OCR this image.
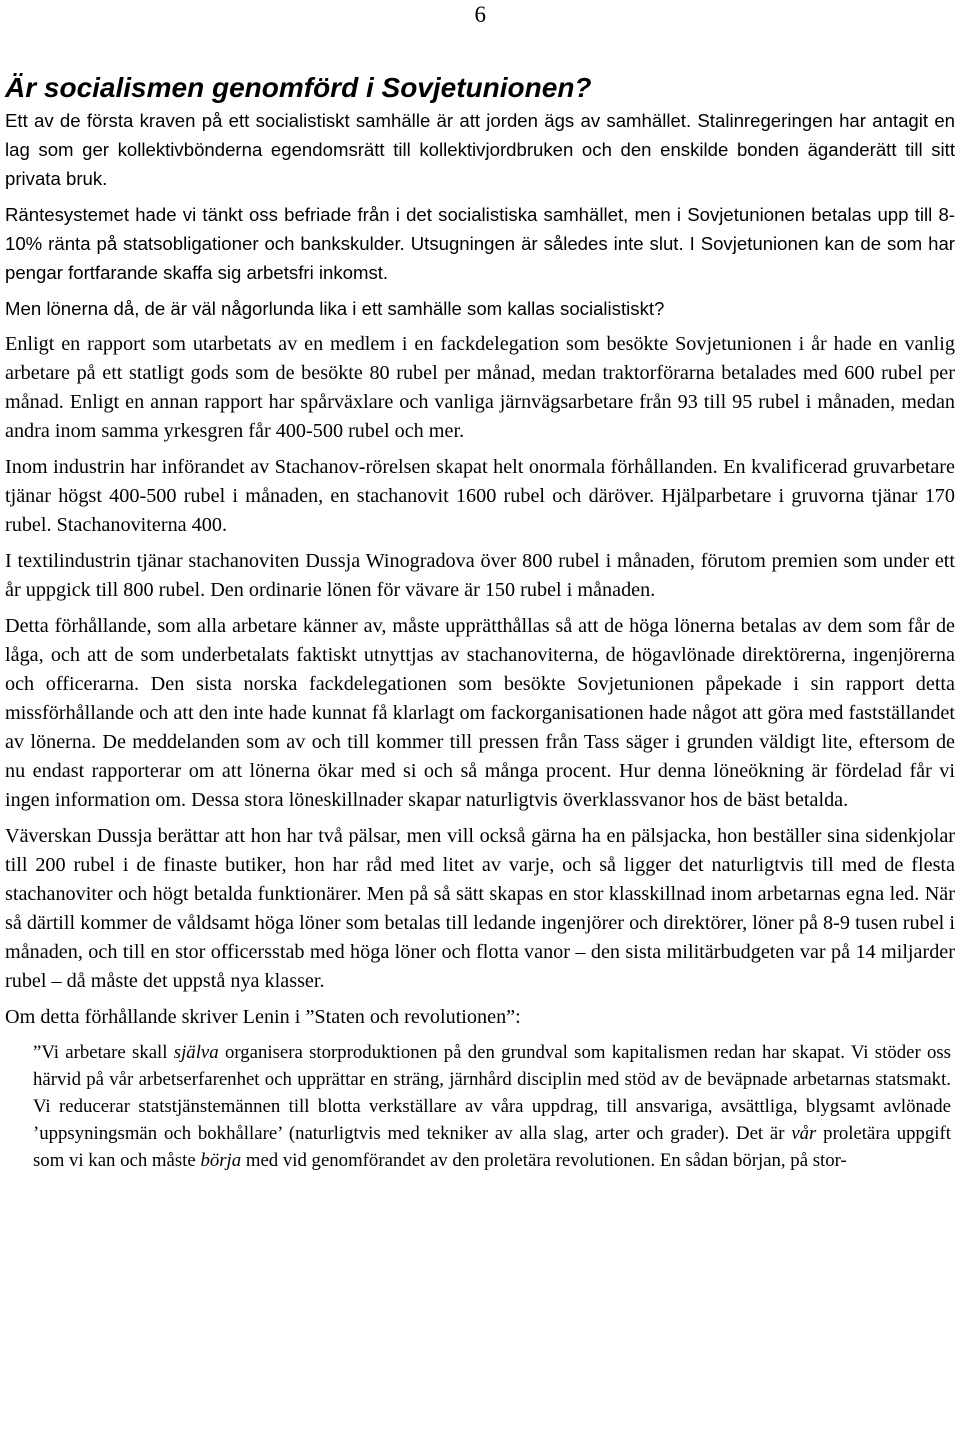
6
Är socialismen genomförd i Sovjetunionen?

Ett av de första kraven på ett socialistiskt samhälle är att jorden ägs av samhället. Stalinregeringen har antagit en lag som ger kollektivbönderna egendomsrätt till kollektivjordbruken och den enskilde bonden äganderätt till sitt privata bruk.

Räntesystemet hade vi tänkt oss befriade från i det socialistiska samhället, men i Sovjetunionen betalas upp till 8-10% ränta på statsobligationer och bankskulder. Utsugningen är således inte slut. I Sovjetunionen kan de som har pengar fortfarande skaffa sig arbetsfri inkomst.

Men lönerna då, de är väl någorlunda lika i ett samhälle som kallas socialistiskt?

Enligt en rapport som utarbetats av en medlem i en fackdelegation som besökte Sovjetunionen i år hade en vanlig arbetare på ett statligt gods som de besökte 80 rubel per månad, medan traktorförarna betalades med 600 rubel per månad. Enligt en annan rapport har spårväxlare och vanliga järnvägsarbetare från 93 till 95 rubel i månaden, medan andra inom samma yrkesgren får 400-500 rubel och mer.

Inom industrin har införandet av Stachanov-rörelsen skapat helt onormala förhållanden. En kvalificerad gruvarbetare tjänar högst 400-500 rubel i månaden, en stachanovit 1600 rubel och däröver. Hjälparbetare i gruvorna tjänar 170 rubel. Stachanoviterna 400.

I textilindustrin tjänar stachanoviten Dussja Winogradova över 800 rubel i månaden, förutom premien som under ett år uppgick till 800 rubel. Den ordinarie lönen för vävare är 150 rubel i månaden.

Detta förhållande, som alla arbetare känner av, måste upprätthållas så att de höga lönerna betalas av dem som får de låga, och att de som underbetalats faktiskt utnyttjas av stachanoviterna, de högavlönade direktörerna, ingenjörerna och officerarna. Den sista norska fackdelegationen som besökte Sovjetunionen påpekade i sin rapport detta missförhållande och att den inte hade kunnat få klarlagt om fackorganisationen hade något att göra med fastställandet av lönerna. De meddelanden som av och till kommer till pressen från Tass säger i grunden väldigt lite, eftersom de nu endast rapporterar om att lönerna ökar med si och så många procent. Hur denna löneökning är fördelad får vi ingen information om. Dessa stora löneskillnader skapar naturligtvis överklassvanor hos de bäst betalda.

Väverskan Dussja berättar att hon har två pälsar, men vill också gärna ha en pälsjacka, hon beställer sina sidenkjolar till 200 rubel i de finaste butiker, hon har råd med litet av varje, och så ligger det naturligtvis till med de flesta stachanoviter och högt betalda funktionärer. Men på så sätt skapas en stor klasskillnad inom arbetarnas egna led. När så därtill kommer de våldsamt höga löner som betalas till ledande ingenjörer och direktörer, löner på 8-9 tusen rubel i månaden, och till en stor officersstab med höga löner och flotta vanor – den sista militärbudgeten var på 14 miljarder rubel – då måste det uppstå nya klasser.

Om detta förhållande skriver Lenin i ”Staten och revolutionen”:

”Vi arbetare skall själva organisera storproduktionen på den grundval som kapitalismen redan har skapat. Vi stöder oss härvid på vår arbetserfarenhet och upprättar en sträng, järnhård disciplin med stöd av de beväpnade arbetarnas statsmakt. Vi reducerar statstjänstemännen till blotta verkställare av våra uppdrag, till ansvariga, avsättliga, blygsamt avlönade ’uppsyningsmän och bokhållare’ (naturligtvis med tekniker av alla slag, arter och grader). Det är vår proletära uppgift som vi kan och måste börja med vid genomförandet av den proletära revolutionen. En sådan början, på stor-
